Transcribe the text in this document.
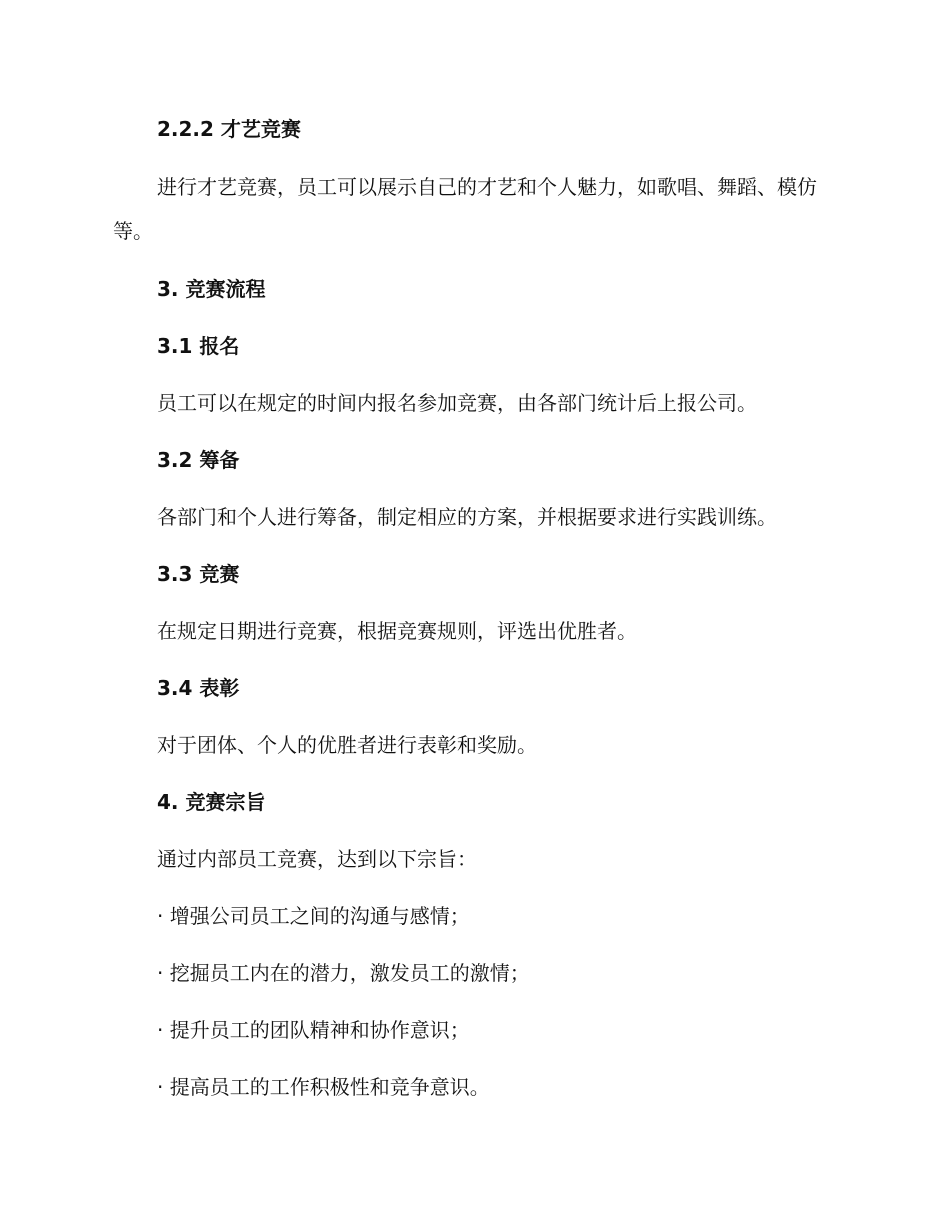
2.2.2 才艺竞赛
进行才艺竞赛，员工可以展示自己的才艺和个人魅力，如歌唱、舞蹈、模仿等。
3. 竞赛流程
3.1 报名
员工可以在规定的时间内报名参加竞赛，由各部门统计后上报公司。
3.2 筹备
各部门和个人进行筹备，制定相应的方案，并根据要求进行实践训练。
3.3 竞赛
在规定日期进行竞赛，根据竞赛规则，评选出优胜者。
3.4 表彰
对于团体、个人的优胜者进行表彰和奖励。
4. 竞赛宗旨
通过内部员工竞赛，达到以下宗旨：
· 增强公司员工之间的沟通与感情；
· 挖掘员工内在的潜力，激发员工的激情；
· 提升员工的团队精神和协作意识；
· 提高员工的工作积极性和竞争意识。
